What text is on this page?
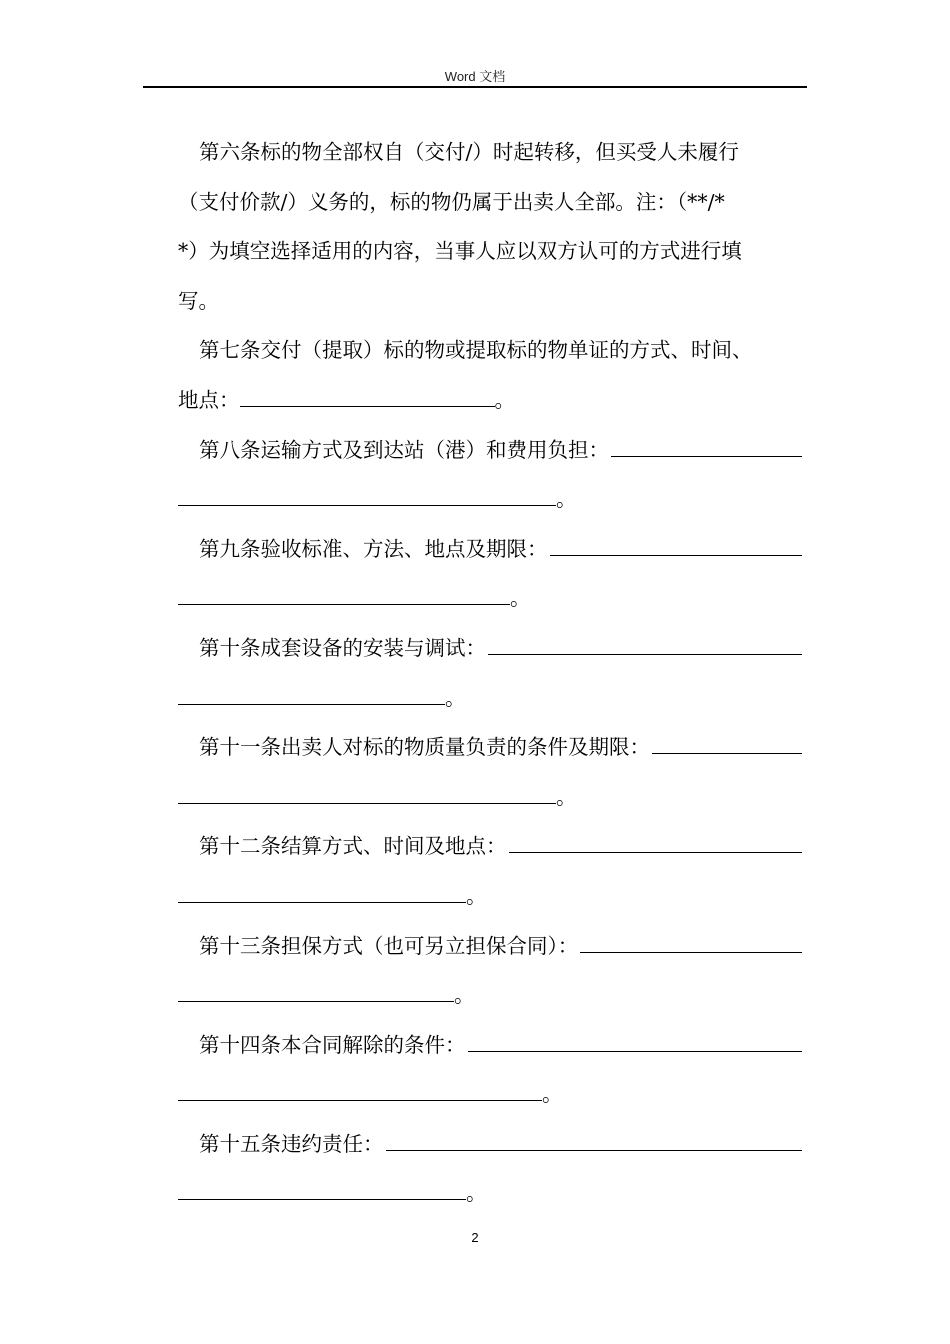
Word 文档
第六条标的物全部权自（交付/）时起转移，但买受人未履行
（支付价款/）义务的，标的物仍属于出卖人全部。注：（**/*
*）为填空选择适用的内容，当事人应以双方认可的方式进行填
写。
第七条交付（提取）标的物或提取标的物单证的方式、时间、
地点：	。
第八条运输方式及到达站（港）和费用负担：
。
第九条验收标准、方法、地点及期限：
。
第十条成套设备的安装与调试：
。
第十一条出卖人对标的物质量负责的条件及期限：
。
第十二条结算方式、时间及地点：
。
第十三条担保方式（也可另立担保合同）：
。
第十四条本合同解除的条件：
。
第十五条违约责任：
。
2
